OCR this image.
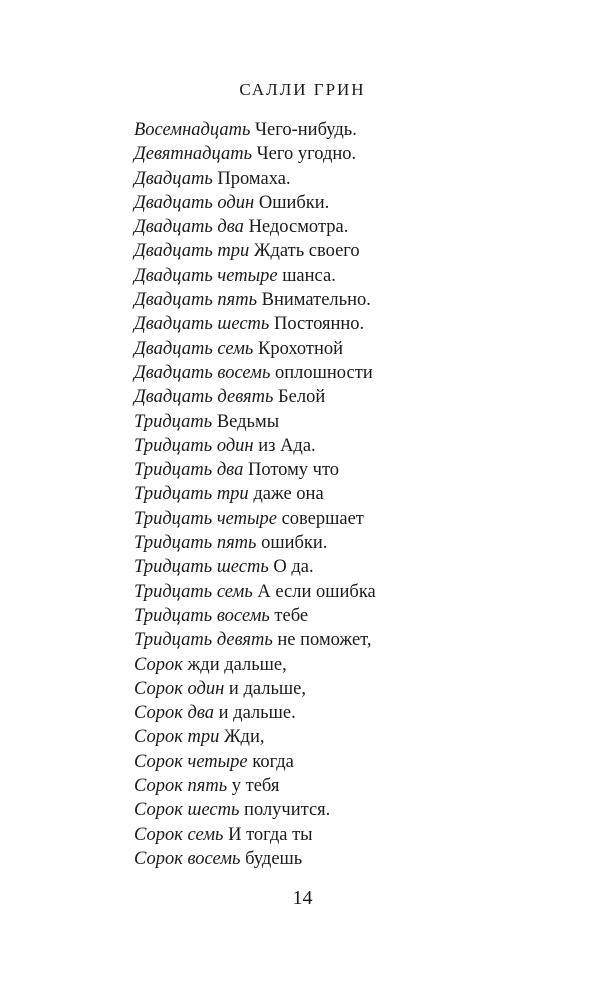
САЛЛИ ГРИН
Восемнадцать Чего-нибудь.
Девятнадцать Чего угодно.
Двадцать Промаха.
Двадцать один Ошибки.
Двадцать два Недосмотра.
Двадцать три Ждать своего
Двадцать четыре шанса.
Двадцать пять Внимательно.
Двадцать шесть Постоянно.
Двадцать семь Крохотной
Двадцать восемь оплошности
Двадцать девять Белой
Тридцать Ведьмы
Тридцать один из Ада.
Тридцать два Потому что
Тридцать три даже она
Тридцать четыре совершает
Тридцать пять ошибки.
Тридцать шесть О да.
Тридцать семь А если ошибка
Тридцать восемь тебе
Тридцать девять не поможет,
Сорок жди дальше,
Сорок один и дальше,
Сорок два и дальше.
Сорок три Жди,
Сорок четыре когда
Сорок пять у тебя
Сорок шесть получится.
Сорок семь И тогда ты
Сорок восемь будешь
14
